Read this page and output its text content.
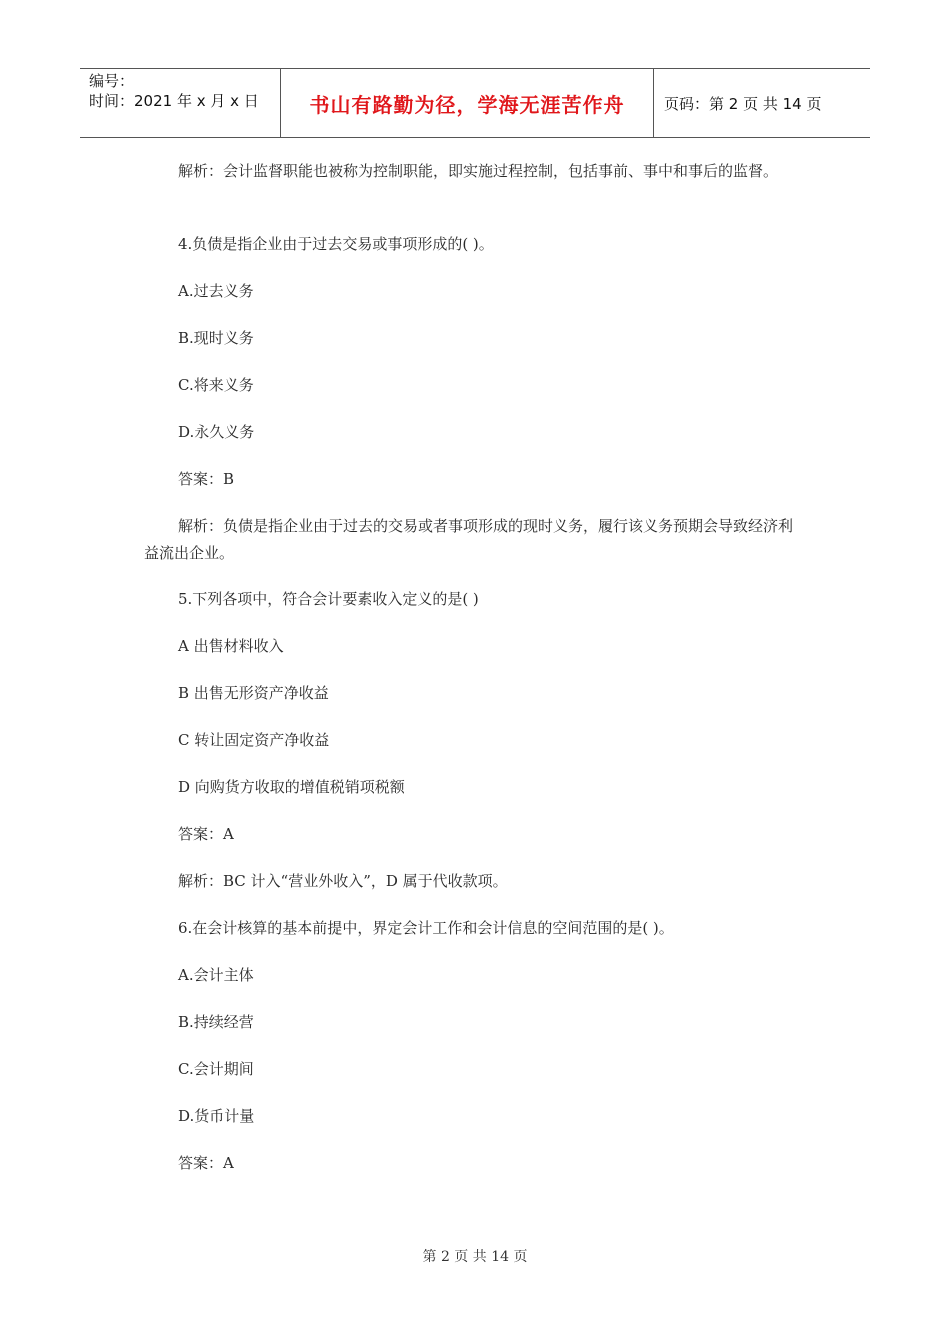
编号：
时间：2021 年 x 月 x 日	书山有路勤为径，学海无涯苦作舟	页码：第 2 页 共 14 页
解析：会计监督职能也被称为控制职能，即实施过程控制，包括事前、事中和事后的监督。
4.负债是指企业由于过去交易或事项形成的( )。
A.过去义务
B.现时义务
C.将来义务
D.永久义务
答案：B
解析：负债是指企业由于过去的交易或者事项形成的现时义务，履行该义务预期会导致经济利益流出企业。
5.下列各项中，符合会计要素收入定义的是( )
A 出售材料收入
B 出售无形资产净收益
C 转让固定资产净收益
D 向购货方收取的增值税销项税额
答案：A
解析：BC 计入“营业外收入”，D 属于代收款项。
6.在会计核算的基本前提中，界定会计工作和会计信息的空间范围的是( )。
A.会计主体
B.持续经营
C.会计期间
D.货币计量
答案：A
第 2 页 共 14 页
